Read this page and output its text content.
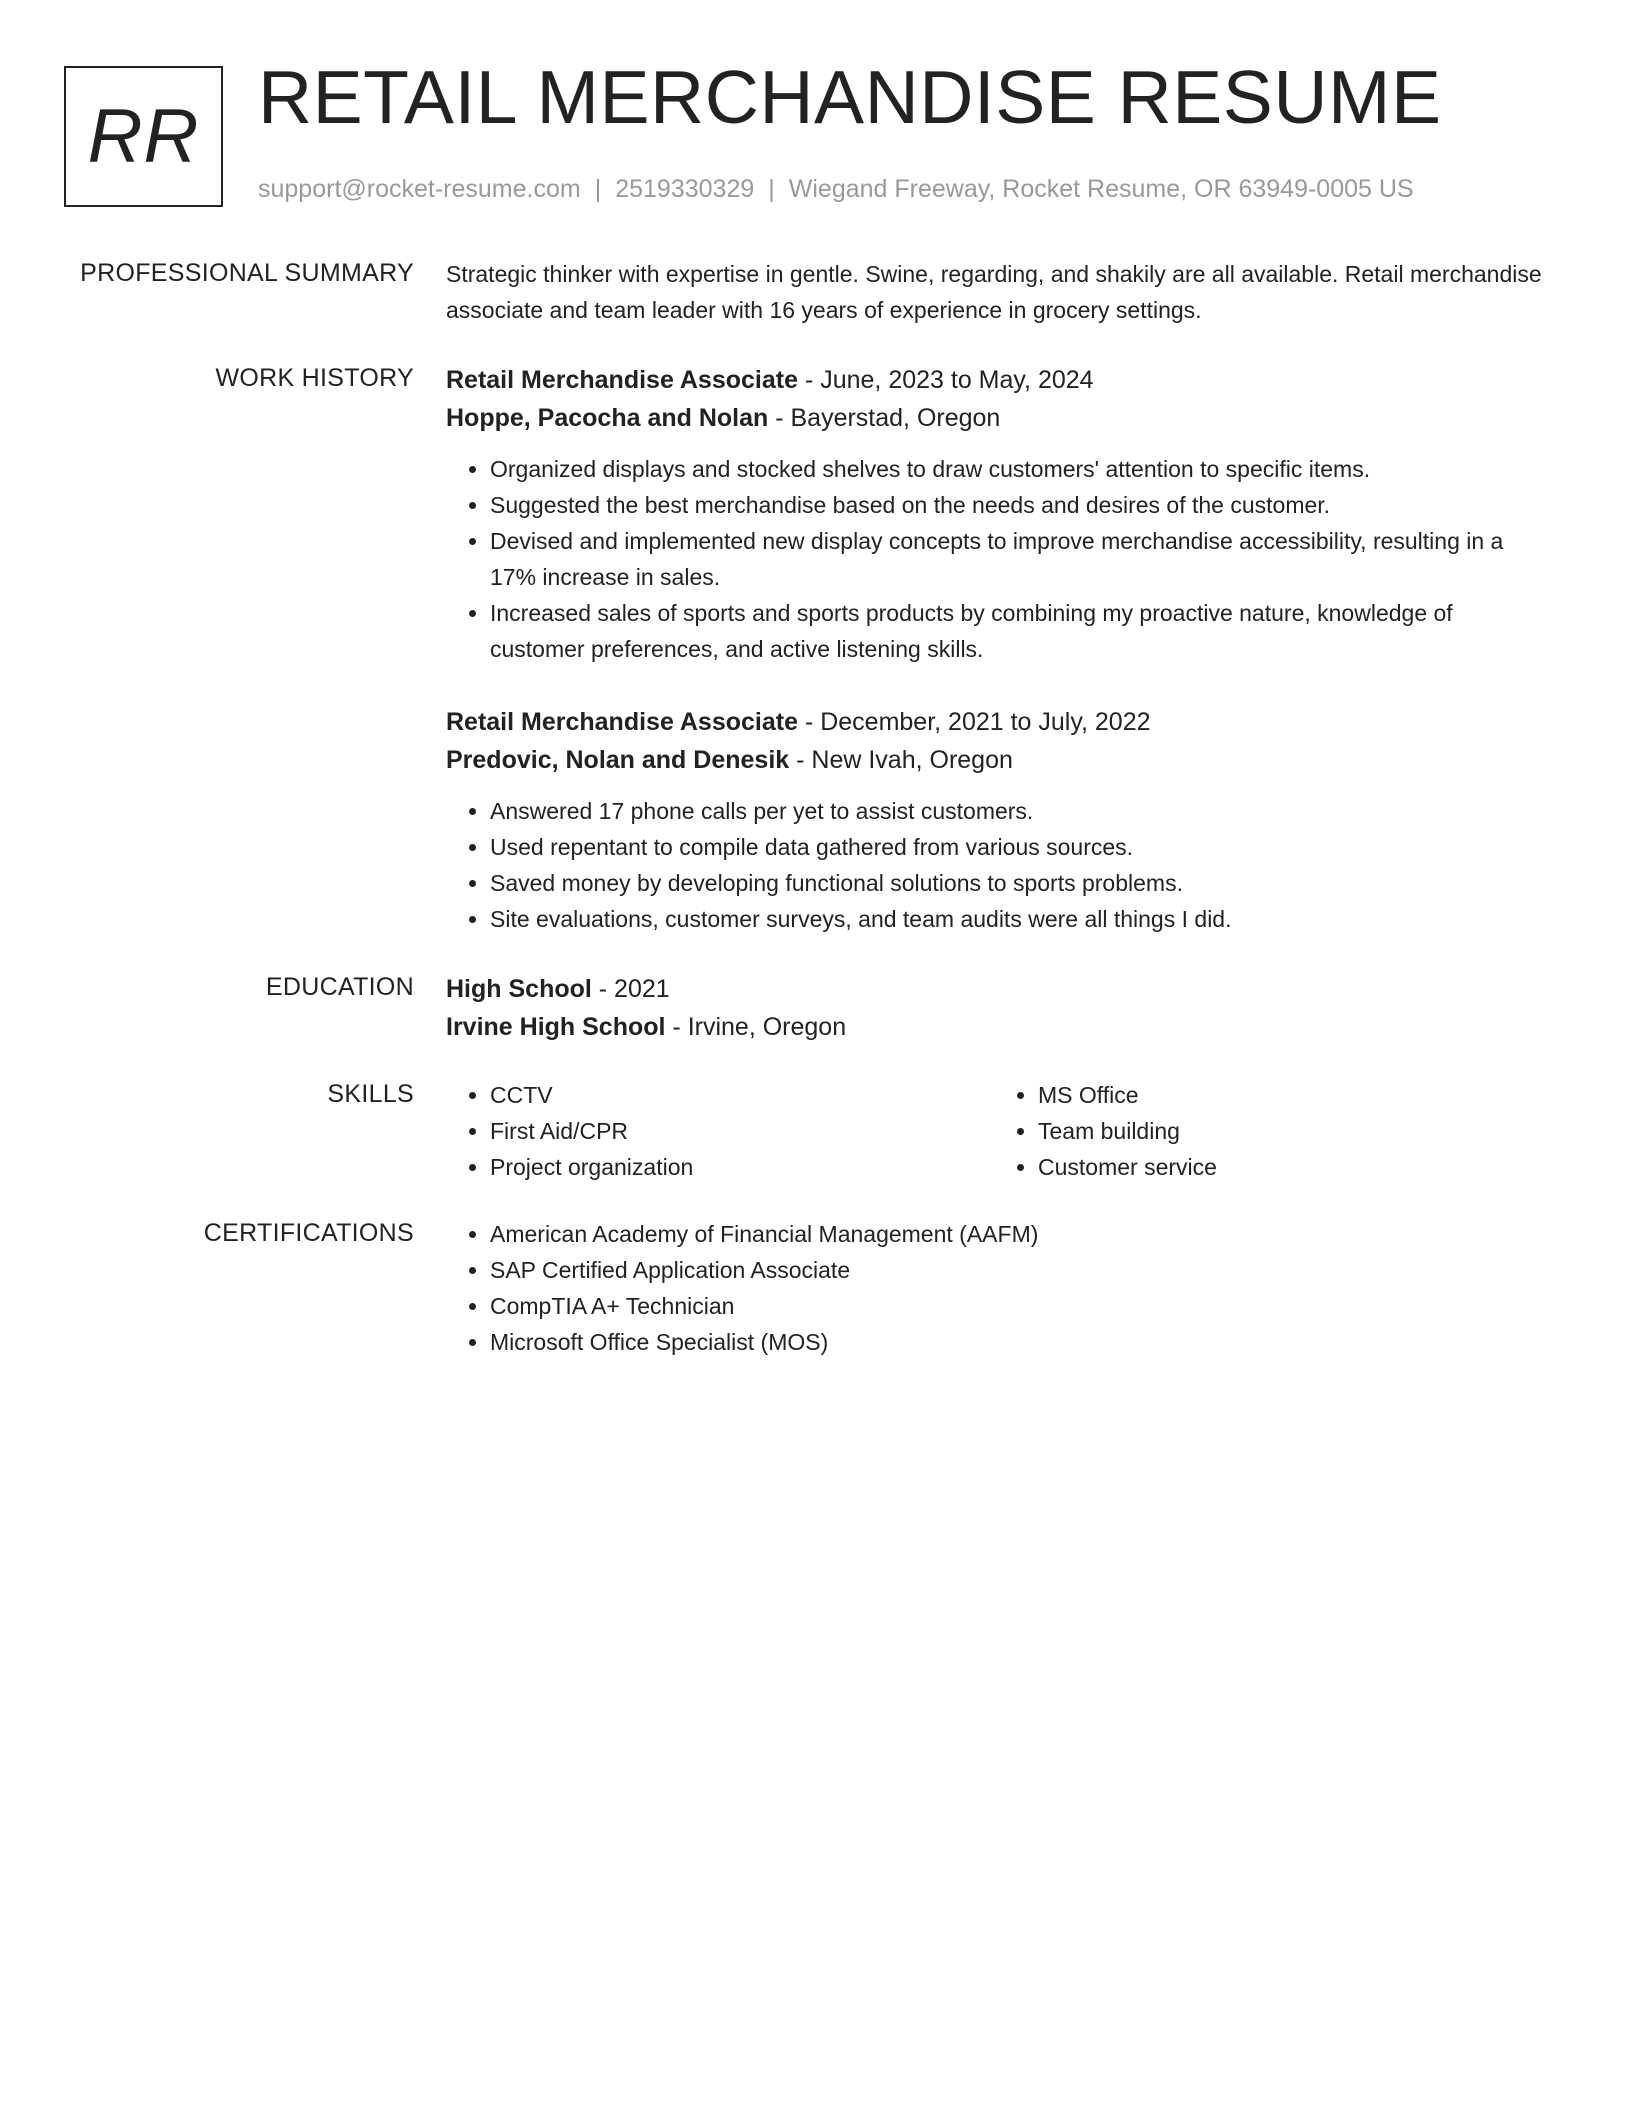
RR RETAIL MERCHANDISE RESUME
support@rocket-resume.com | 2519330329 | Wiegand Freeway, Rocket Resume, OR 63949-0005 US
PROFESSIONAL SUMMARY Strategic thinker with expertise in gentle. Swine, regarding, and shakily are all available. Retail merchandise associate and team leader with 16 years of experience in grocery settings.

WORK HISTORY Retail Merchandise Associate - June, 2023 to May, 2024

Hoppe, Pacocha and Nolan - Bayerstad, Oregon

• Organized displays and stocked shelves to draw customers' attention to specific items.
• Suggested the best merchandise based on the needs and desires of the customer.
• Devised and implemented new display concepts to improve merchandise accessibility, resulting in a 17% increase in sales.
• Increased sales of sports and sports products by combining my proactive nature, knowledge of customer preferences, and active listening skills.

Retail Merchandise Associate - December, 2021 to July, 2022

Predovic, Nolan and Denesik - New Ivah, Oregon

• Answered 17 phone calls per yet to assist customers.
• Used repentant to compile data gathered from various sources.
• Saved money by developing functional solutions to sports problems.
• Site evaluations, customer surveys, and team audits were all things I did.
EDUCATION High School - 2021

Irvine High School - Irvine, Oregon

SKILLS	• CCTV
• First Aid/CPR
• Project organization
• MS Office
• Team building
• Customer service
CERTIFICATIONS	• American Academy of Financial Management (AAFM)
• SAP Certified Application Associate
• CompTIA A+ Technician
• Microsoft Office Specialist (MOS)
